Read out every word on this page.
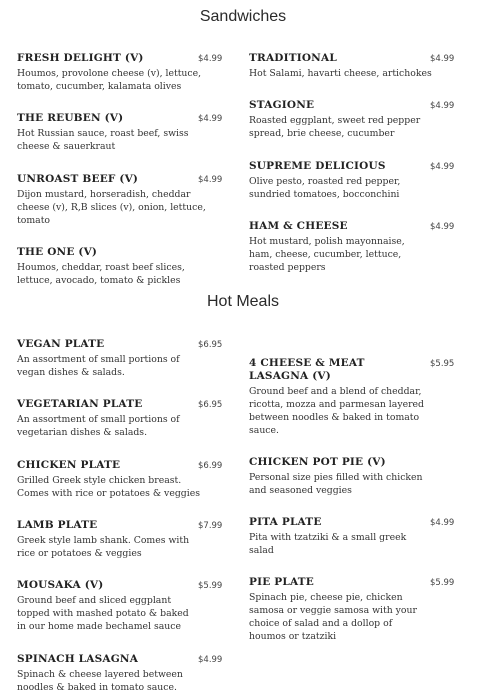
Sandwiches
FRESH DELIGHT (V)	$4.99
Houmos, provolone cheese (v), lettuce,
tomato, cucumber, kalamata olives
THE REUBEN (V)	$4.99
Hot Russian sauce, roast beef, swiss
cheese & sauerkraut
UNROAST BEEF (V)	$4.99
Dijon mustard, horseradish, cheddar
cheese (v), R,B slices (v), onion, lettuce,
tomato
THE ONE (V)
Houmos, cheddar, roast beef slices,
lettuce, avocado, tomato & pickles
TRADITIONAL	$4.99
Hot Salami, havarti cheese, artichokes
STAGIONE	$4.99
Roasted eggplant, sweet red pepper
spread, brie cheese, cucumber
SUPREME DELICIOUS	$4.99
Olive pesto, roasted red pepper,
sundried tomatoes, bocconchini
HAM & CHEESE	$4.99
Hot mustard, polish mayonnaise,
ham, cheese, cucumber, lettuce,
roasted peppers
Hot Meals
VEGAN PLATE	$6.95
An assortment of small portions of
vegan dishes & salads.
VEGETARIAN PLATE	$6.95
An assortment of small portions of
vegetarian dishes & salads.
CHICKEN PLATE	$6.99
Grilled Greek style chicken breast.
Comes with rice or potatoes & veggies
LAMB PLATE	$7.99
Greek style lamb shank. Comes with
rice or potatoes & veggies
MOUSAKA (V)	$5.99
Ground beef and sliced eggplant
topped with mashed potato & baked
in our home made bechamel sauce
SPINACH LASAGNA	$4.99
Spinach & cheese layered between
noodles & baked in tomato sauce.
4 CHEESE & MEAT LASAGNA (V)
$5.95
Ground beef and a blend of cheddar,
ricotta, mozza and parmesan layered
between noodles & baked in tomato
sauce.
CHICKEN POT PIE (V)
Personal size pies filled with chicken
and seasoned veggies
PITA PLATE	$4.99
Pita with tzatziki & a small greek
salad
PIE PLATE	$5.99
Spinach pie, cheese pie, chicken
samosa or veggie samosa with your
choice of salad and a dollop of
houmos or tzatziki
